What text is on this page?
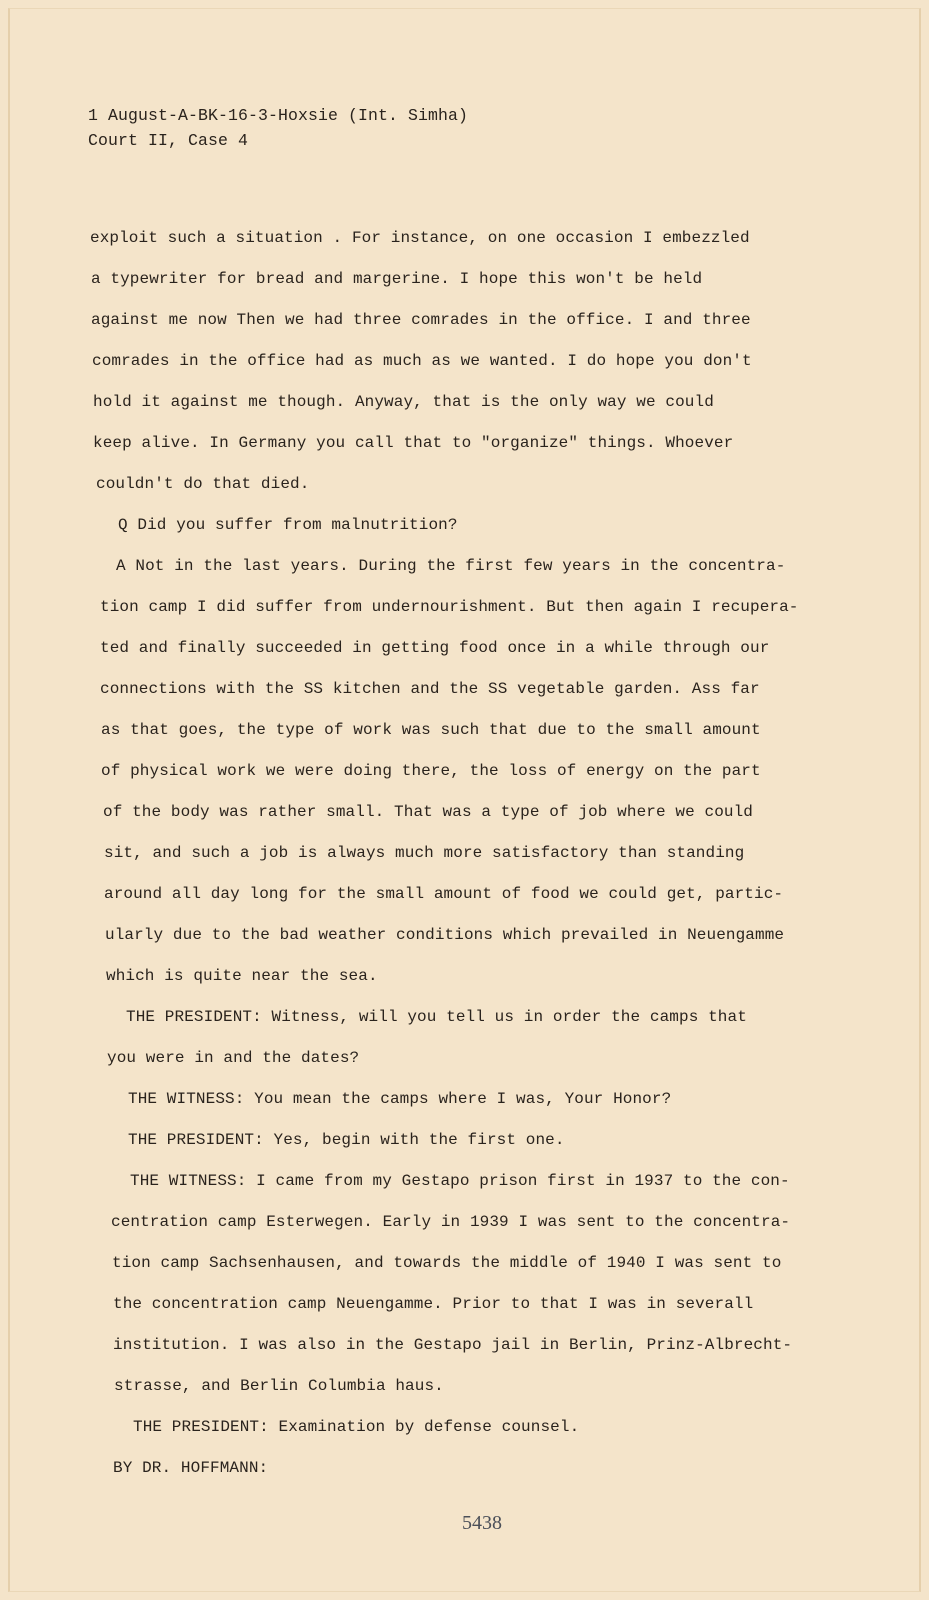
1 August-A-BK-16-3-Hoxsie (Int. Simha)

Court II, Case 4

exploit such a situation . For instance, on one occasion I embezzled

a typewriter for bread and margerine. I hope this won't be held

against me now Then we had three comrades in the office. I and three

comrades in the office had as much as we wanted. I do hope you don't

hold it against me though. Anyway, that is the only way we could

keep alive. In Germany you call that to "organize" things. Whoever

couldn't do that died.

Q Did you suffer from malnutrition?

A Not in the last years. During the first few years in the concentra-

tion camp I did suffer from undernourishment. But then again I recupera-

ted and finally succeeded in getting food once in a while through our

connections with the SS kitchen and the SS vegetable garden. Ass far

as that goes, the type of work was such that due to the small amount

of physical work we were doing there, the loss of energy on the part

of the body was rather small. That was a type of job where we could

sit, and such a job is always much more satisfactory than standing

around all day long for the small amount of food we could get, partic-

ularly due to the bad weather conditions which prevailed in Neuengamme

which is quite near the sea.

THE PRESIDENT: Witness, will you tell us in order the camps that

you were in and the dates?

THE WITNESS: You mean the camps where I was, Your Honor?

THE PRESIDENT: Yes, begin with the first one.

THE WITNESS: I came from my Gestapo prison first in 1937 to the con-

centration camp Esterwegen. Early in 1939 I was sent to the concentra-

tion camp Sachsenhausen, and towards the middle of 1940 I was sent to

the concentration camp Neuengamme. Prior to that I was in severall

institution. I was also in the Gestapo jail in Berlin, Prinz-Albrecht-

strasse, and Berlin Columbia haus.

THE PRESIDENT: Examination by defense counsel.

BY DR. HOFFMANN:

5438
